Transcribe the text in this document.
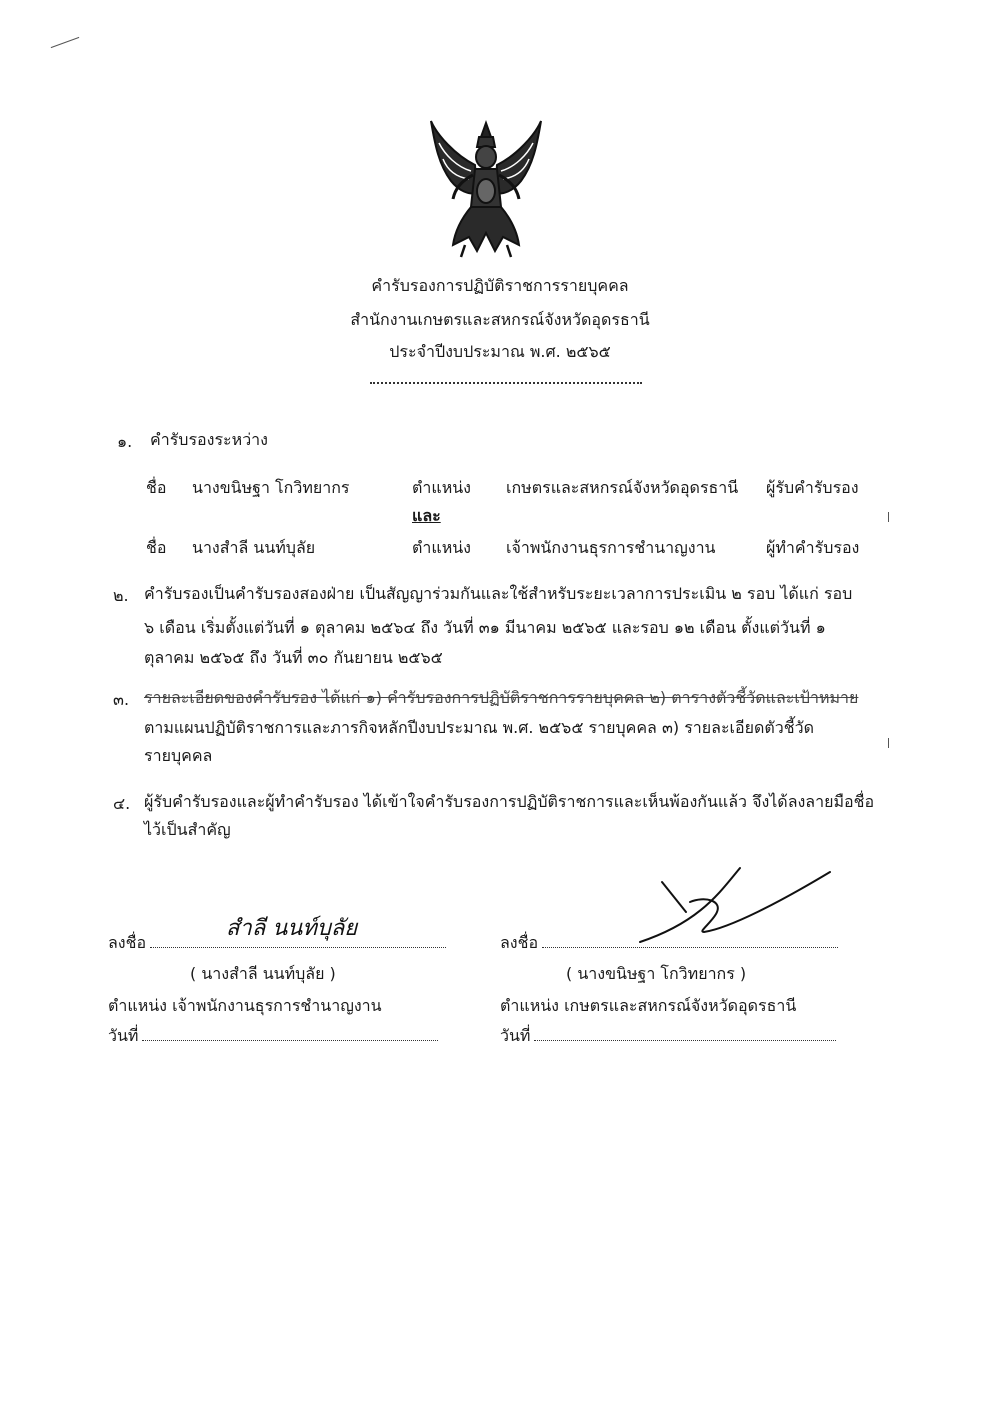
คำรับรองการปฏิบัติราชการรายบุคคล
สำนักงานเกษตรและสหกรณ์จังหวัดอุดรธานี
ประจำปีงบประมาณ พ.ศ. ๒๕๖๕
๑. คำรับรองระหว่าง
ชื่อ นางขนิษฐา โกวิทยากร	ตำแหน่ง เกษตรและสหกรณ์จังหวัดอุดรธานี ผู้รับคำรับรอง
และ
ชื่อ นางสำลี นนท์บุลัย	ตำแหน่ง เจ้าพนักงานธุรการชำนาญงาน	ผู้ทำคำรับรอง
๒. คำรับรองเป็นคำรับรองสองฝ่าย เป็นสัญญาร่วมกันและใช้สำหรับระยะเวลาการประเมิน ๒ รอบ ได้แก่ รอบ
๖ เดือน เริ่มตั้งแต่วันที่ ๑ ตุลาคม ๒๕๖๔ ถึง วันที่ ๓๑ มีนาคม ๒๕๖๕ และรอบ ๑๒ เดือน ตั้งแต่วันที่ ๑
ตุลาคม ๒๕๖๕ ถึง วันที่ ๓๐ กันยายน ๒๕๖๕
๓. รายละเอียดของคำรับรอง ได้แก่ ๑) คำรับรองการปฏิบัติราชการรายบุคคล ๒) ตารางตัวชี้วัดและเป้าหมาย
ตามแผนปฏิบัติราชการและภารกิจหลักปีงบประมาณ พ.ศ. ๒๕๖๕ รายบุคคล ๓) รายละเอียดตัวชี้วัด
รายบุคคล
๔. ผู้รับคำรับรองและผู้ทำคำรับรอง ได้เข้าใจคำรับรองการปฏิบัติราชการและเห็นพ้องกันแล้ว จึงได้ลงลายมือชื่อ
ไว้เป็นสำคัญ
ลงชื่อ
สำลี นนท์บุลัย
( นางสำลี นนท์บุลัย )
ตำแหน่ง เจ้าพนักงานธุรการชำนาญงาน
วันที่
ลงชื่อ
( นางขนิษฐา โกวิทยากร )
ตำแหน่ง เกษตรและสหกรณ์จังหวัดอุดรธานี
วันที่
